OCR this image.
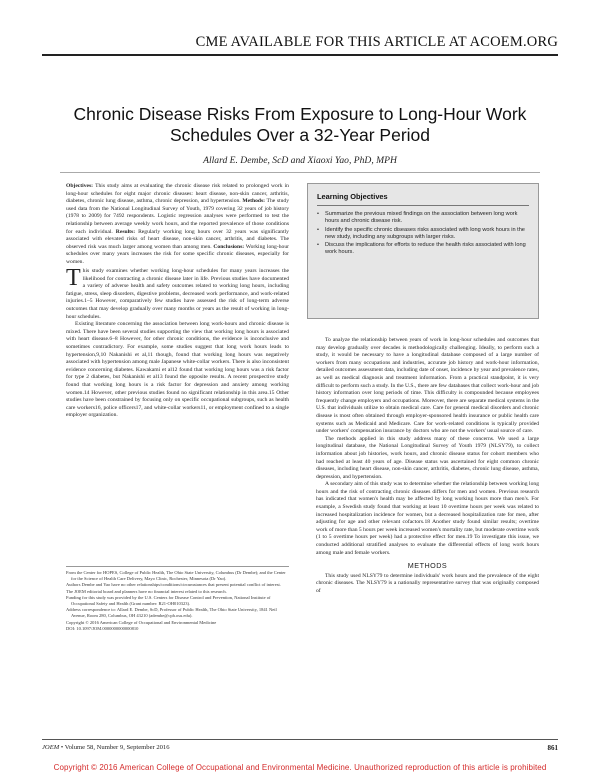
CME AVAILABLE FOR THIS ARTICLE AT ACOEM.ORG
Chronic Disease Risks From Exposure to Long-Hour Work Schedules Over a 32-Year Period
Allard E. Dembe, ScD and Xiaoxi Yao, PhD, MPH
Objectives: This study aims at evaluating the chronic disease risk related to prolonged work in long-hour schedules for eight major chronic diseases: heart disease, non-skin cancer, arthritis, diabetes, chronic lung disease, asthma, chronic depression, and hypertension. Methods: The study used data from the National Longitudinal Survey of Youth, 1979 covering 32 years of job history (1978 to 2009) for 7492 respondents. Logistic regression analyses were performed to test the relationship between average weekly work hours, and the reported prevalence of those conditions for each individual. Results: Regularly working long hours over 32 years was significantly associated with elevated risks of heart disease, non-skin cancer, arthritis, and diabetes. The observed risk was much larger among women than among men. Conclusions: Working long-hour schedules over many years increases the risk for some specific chronic diseases, especially for women.
Learning Objectives
• Summarize the previous mixed findings on the association between long work hours and chronic disease risk.
• Identify the specific chronic diseases risks associated with long work hours in the new study, including any subgroups with larger risks.
• Discuss the implications for efforts to reduce the health risks associated with long work hours.

T his study examines whether working long-hour schedules for many years increases the likelihood for contracting a chronic disease later in life. Previous studies have documented a variety of adverse health and safety outcomes related to working long hours, including fatigue, stress, sleep disorders, digestive problems, decreased work performance, and work-related injuries.1–5 However, comparatively few studies have assessed the risk of long-term adverse outcomes that may develop gradually over many months or years as the result of working in long-hour schedules.

Existing literature concerning the association between long work-hours and chronic disease is mixed. There have been several studies supporting the view that working long hours is associated with heart disease.6–8 However, for other chronic conditions, the evidence is inconclusive and sometimes contradictory. For example, some studies suggest that long work hours leads to hypertension,9,10 Nakanishi et al,11 though, found that working long hours was negatively associated with hypertension among male Japanese white-collar workers. There is also inconsistent evidence concerning diabetes. Kawakami et al12 found that working long hours was a risk factor for type 2 diabetes, but Nakanishi et al13 found the opposite results. A recent prospective study found that working long hours is a risk factor for depression and anxiety among working women.14 However, other previous studies found no significant relationship in this area.15 Other studies have been constrained by focusing only on specific occupational subgroups, such as health care workers16, police officers17, and white-collar workers11, or employment confined to a single employer organization.

From the Center for HOPES, College of Public Health, The Ohio State University, Columbus (Dr Dembe); and the Center for the Science of Health Care Delivery, Mayo Clinic, Rochester, Minnesota (Dr Yao).
Authors Dembe and Yao have no other relationships/conditions/circumstances that present potential conflict of interest.
The JOEM editorial board and planners have no financial interest related to this research.
Funding for this study was provided by the U.S. Centers for Disease Control and Prevention, National Institute of Occupational Safety and Health (Grant number: R21-OH010323).
Address correspondence to: Allard E. Dembe, ScD, Professor of Public Health, The Ohio State University, 1841 Neil Avenue, Room 280, Columbus, OH 43210 (adembe@cph.osu.edu).
Copyright © 2016 American College of Occupational and Environmental Medicine
DOI: 10.1097/JOM.0000000000000810

To analyze the relationship between years of work in long-hour schedules and outcomes that may develop gradually over decades is methodologically challenging. Ideally, to perform such a study, it would be necessary to have a longitudinal database composed of a large number of workers from many occupations and industries, accurate job history and work-hour information, detailed outcomes assessment data, including date of onset, incidence by year and prevalence rates, as well as medical diagnosis and treatment information. From a practical standpoint, it is very difficult to perform such a study. In the U.S., there are few databases that collect work-hour and job history information over long periods of time. This difficulty is compounded because employees frequently change employers and occupations. Moreover, there are separate medical systems in the U.S. that individuals utilize to obtain medical care. Care for general medical disorders and chronic disease is most often obtained through employer-sponsored health insurance or public health care systems such as Medicaid and Medicare. Care for work-related conditions is typically provided under workers' compensation insurance by doctors who are not the workers' usual source of care.

The methods applied in this study address many of these concerns. We used a large longitudinal database, the National Longitudinal Survey of Youth 1979 (NLSY79), to collect information about job histories, work hours, and chronic disease status for cohort members who had reached at least 40 years of age. Disease status was ascertained for eight common chronic diseases, including heart disease, non-skin cancer, arthritis, diabetes, chronic lung disease, asthma, depression, and hypertension.

A secondary aim of this study was to determine whether the relationship between working long hours and the risk of contracting chronic diseases differs for men and women. Previous research has indicated that women's health may be affected by long working hours more than men's. For example, a Swedish study found that working at least 10 overtime hours per week was related to increased hospitalization incidence for women, but a decreased hospitalization rate for men, after adjusting for age and other relevant cofactors.18 Another study found similar results; overtime work of more than 5 hours per week increased women's mortality rate, but moderate overtime work (1 to 5 overtime hours per week) had a protective effect for men.19 To investigate this issue, we conducted additional stratified analyses to evaluate the differential effects of long work hours among male and female workers.

METHODS

This study used NLSY79 to determine individuals' work hours and the prevalence of the eight chronic diseases. The NLSY79 is a nationally representative survey that was originally composed of

JOEM • Volume 58, Number 9, September 2016	861
Copyright © 2016 American College of Occupational and Environmental Medicine. Unauthorized reproduction of this article is prohibited
